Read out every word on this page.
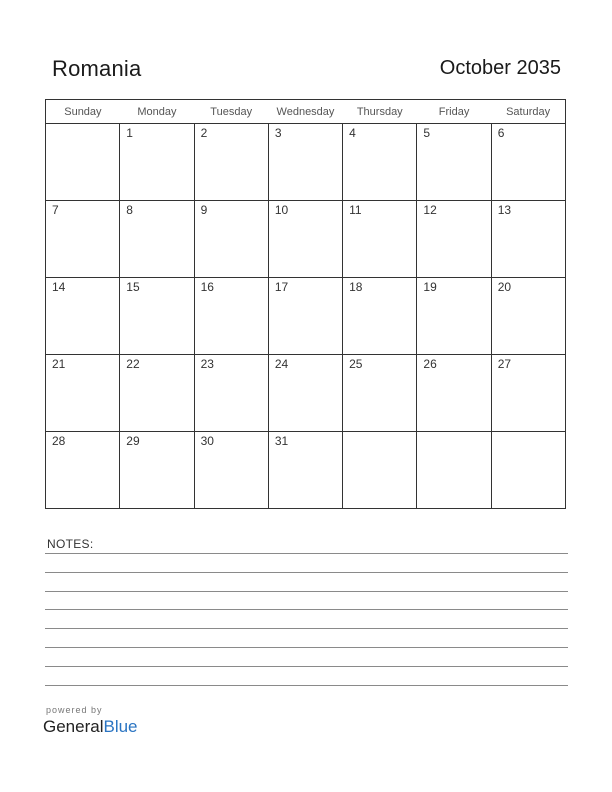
Romania	October 2035
Sunday	Monday	Tuesday	Wednesday	Thursday	Friday	Saturday

	1	2	3	4	5	6

7	8	9	10	11	12	13

14	15	16	17	18	19	20

21	22	23	24	25	26	27

28	29	30	31			

NOTES:
powered by
GeneralBlue
